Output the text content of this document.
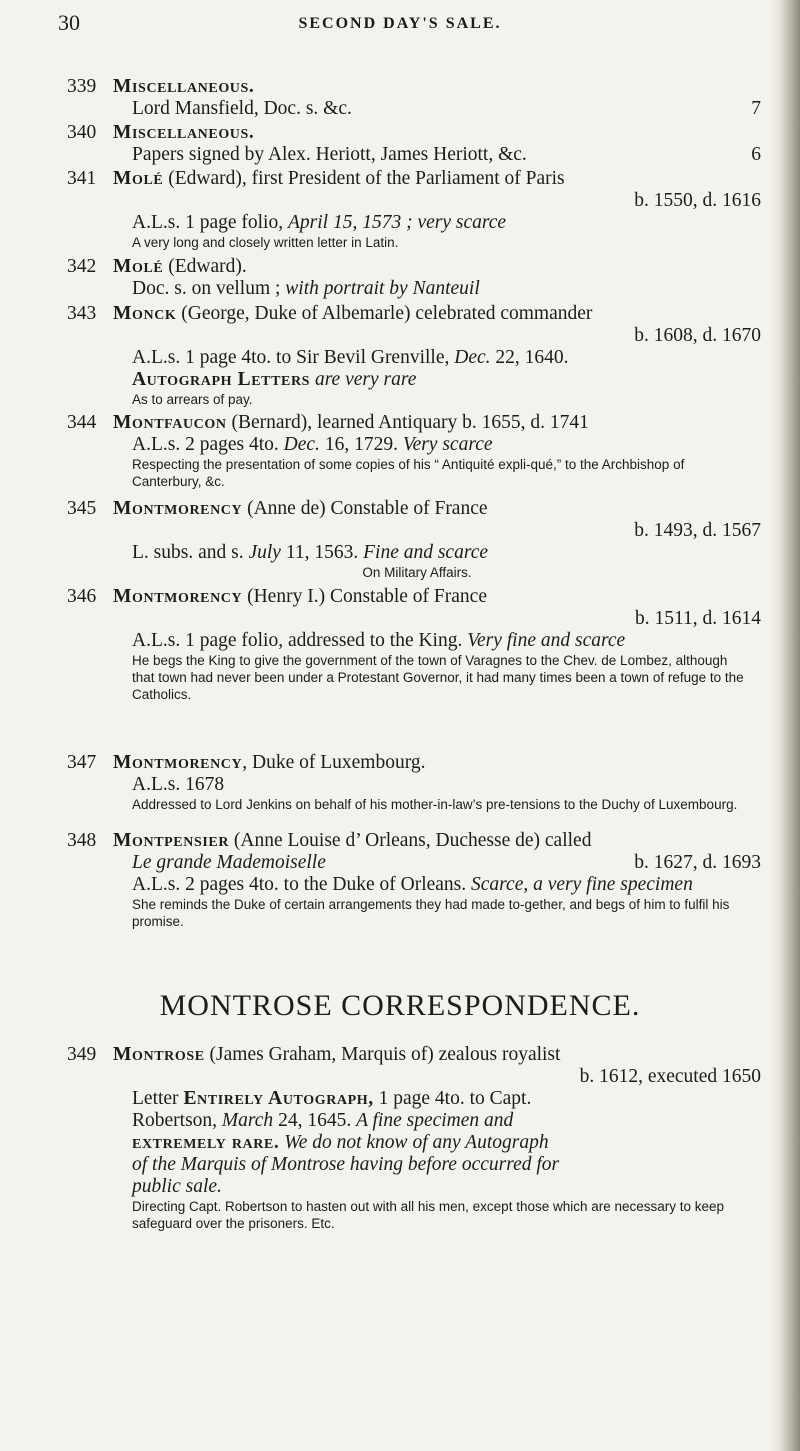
30	SECOND DAY'S SALE.
339 Miscellaneous.
Lord Mansfield, Doc. s. &c.	7
340 Miscellaneous.
Papers signed by Alex. Heriott, James Heriott, &c.	6
341 Molé (Edward), first President of the Parliament of Paris
b. 1550, d. 1616
A.L.s. 1 page folio, April 15, 1573 ; very scarce
A very long and closely written letter in Latin.
342 Molé (Edward).
Doc. s. on vellum ; with portrait by Nanteuil
343 Monck (George, Duke of Albemarle) celebrated commander
b. 1608, d. 1670
A.L.s. 1 page 4to. to Sir Bevil Grenville, Dec. 22, 1640.
Autograph Letters are very rare
As to arrears of pay.
344 Montfaucon (Bernard), learned Antiquary b. 1655, d. 1741
A.L.s. 2 pages 4to. Dec. 16, 1729. Very scarce
Respecting the presentation of some copies of his “ Antiquité expli-qué,” to the Archbishop of Canterbury, &c.
345 Montmorency (Anne de) Constable of France
b. 1493, d. 1567
L. subs. and s. July 11, 1563. Fine and scarce
On Military Affairs.
346 Montmorency (Henry I.) Constable of France
b. 1511, d. 1614
A.L.s. 1 page folio, addressed to the King. Very fine and scarce
He begs the King to give the government of the town of Varagnes to the Chev. de Lombez, although that town had never been under a Protestant Governor, it had many times been a town of refuge to the Catholics.
347 Montmorency, Duke of Luxembourg.
A.L.s. 1678
Addressed to Lord Jenkins on behalf of his mother-in-law’s pre-tensions to the Duchy of Luxembourg.
348 Montpensier (Anne Louise d’ Orleans, Duchesse de) called
Le grande Mademoiselle	b. 1627, d. 1693
A.L.s. 2 pages 4to. to the Duke of Orleans. Scarce, a very fine specimen
She reminds the Duke of certain arrangements they had made to-gether, and begs of him to fulfil his promise.
MONTROSE CORRESPONDENCE.
349 Montrose (James Graham, Marquis of) zealous royalist
b. 1612, executed 1650
Letter Entirely Autograph, 1 page 4to. to Capt.
Robertson, March 24, 1645. A fine specimen and
extremely rare. We do not know of any Autograph
of the Marquis of Montrose having before occurred for
public sale.
Directing Capt. Robertson to hasten out with all his men, except those which are necessary to keep safeguard over the prisoners. Etc.
